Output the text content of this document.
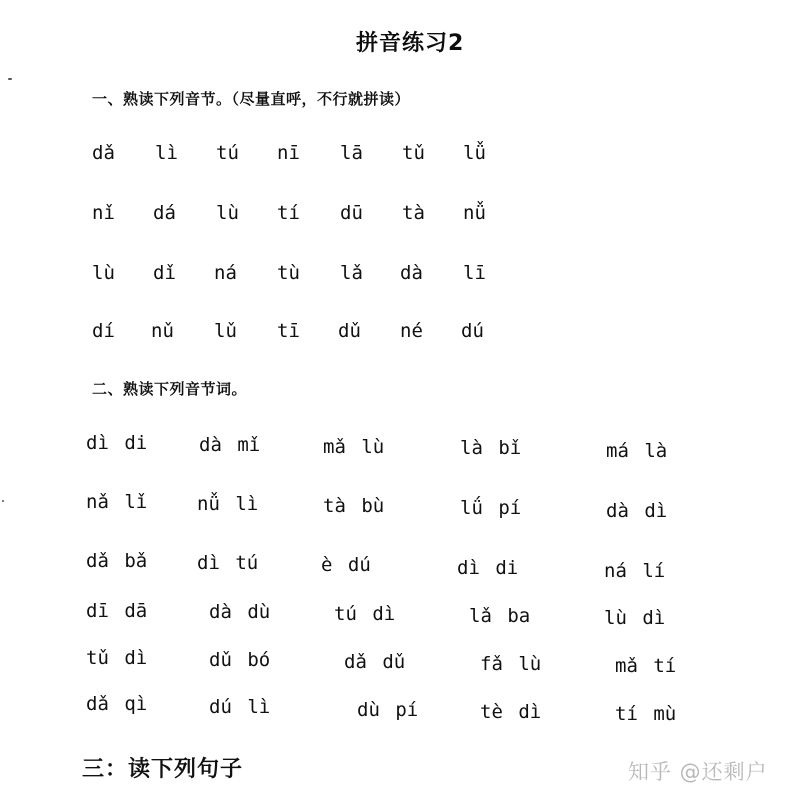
拼音练习2
一、熟读下列音节。（尽量直呼，不行就拼读）
dǎ lì tú nī lā tǔ lǚ
nǐ dá lù tí dū tà nǚ
lù dǐ ná tù lǎ dà lī
dí nǔ lǔ tī dǔ né dú
二、熟读下列音节词。
dì di	dà mǐ	mǎ lù	là bǐ	má là
nǎ lǐ	nǚ lì	tà bù	lǘ pí	dà dì
dǎ bǎ	dì tú	è dú	dì di	ná lí
dī dā	dà dù	tú dì	lǎ ba	lù dì
tǔ dì	dǔ bó	dǎ dǔ	fǎ lù	mǎ tí
dǎ qì	dú lì	dù pí	tè dì	tí mù
三：读下列句子	知乎 @还剩户
